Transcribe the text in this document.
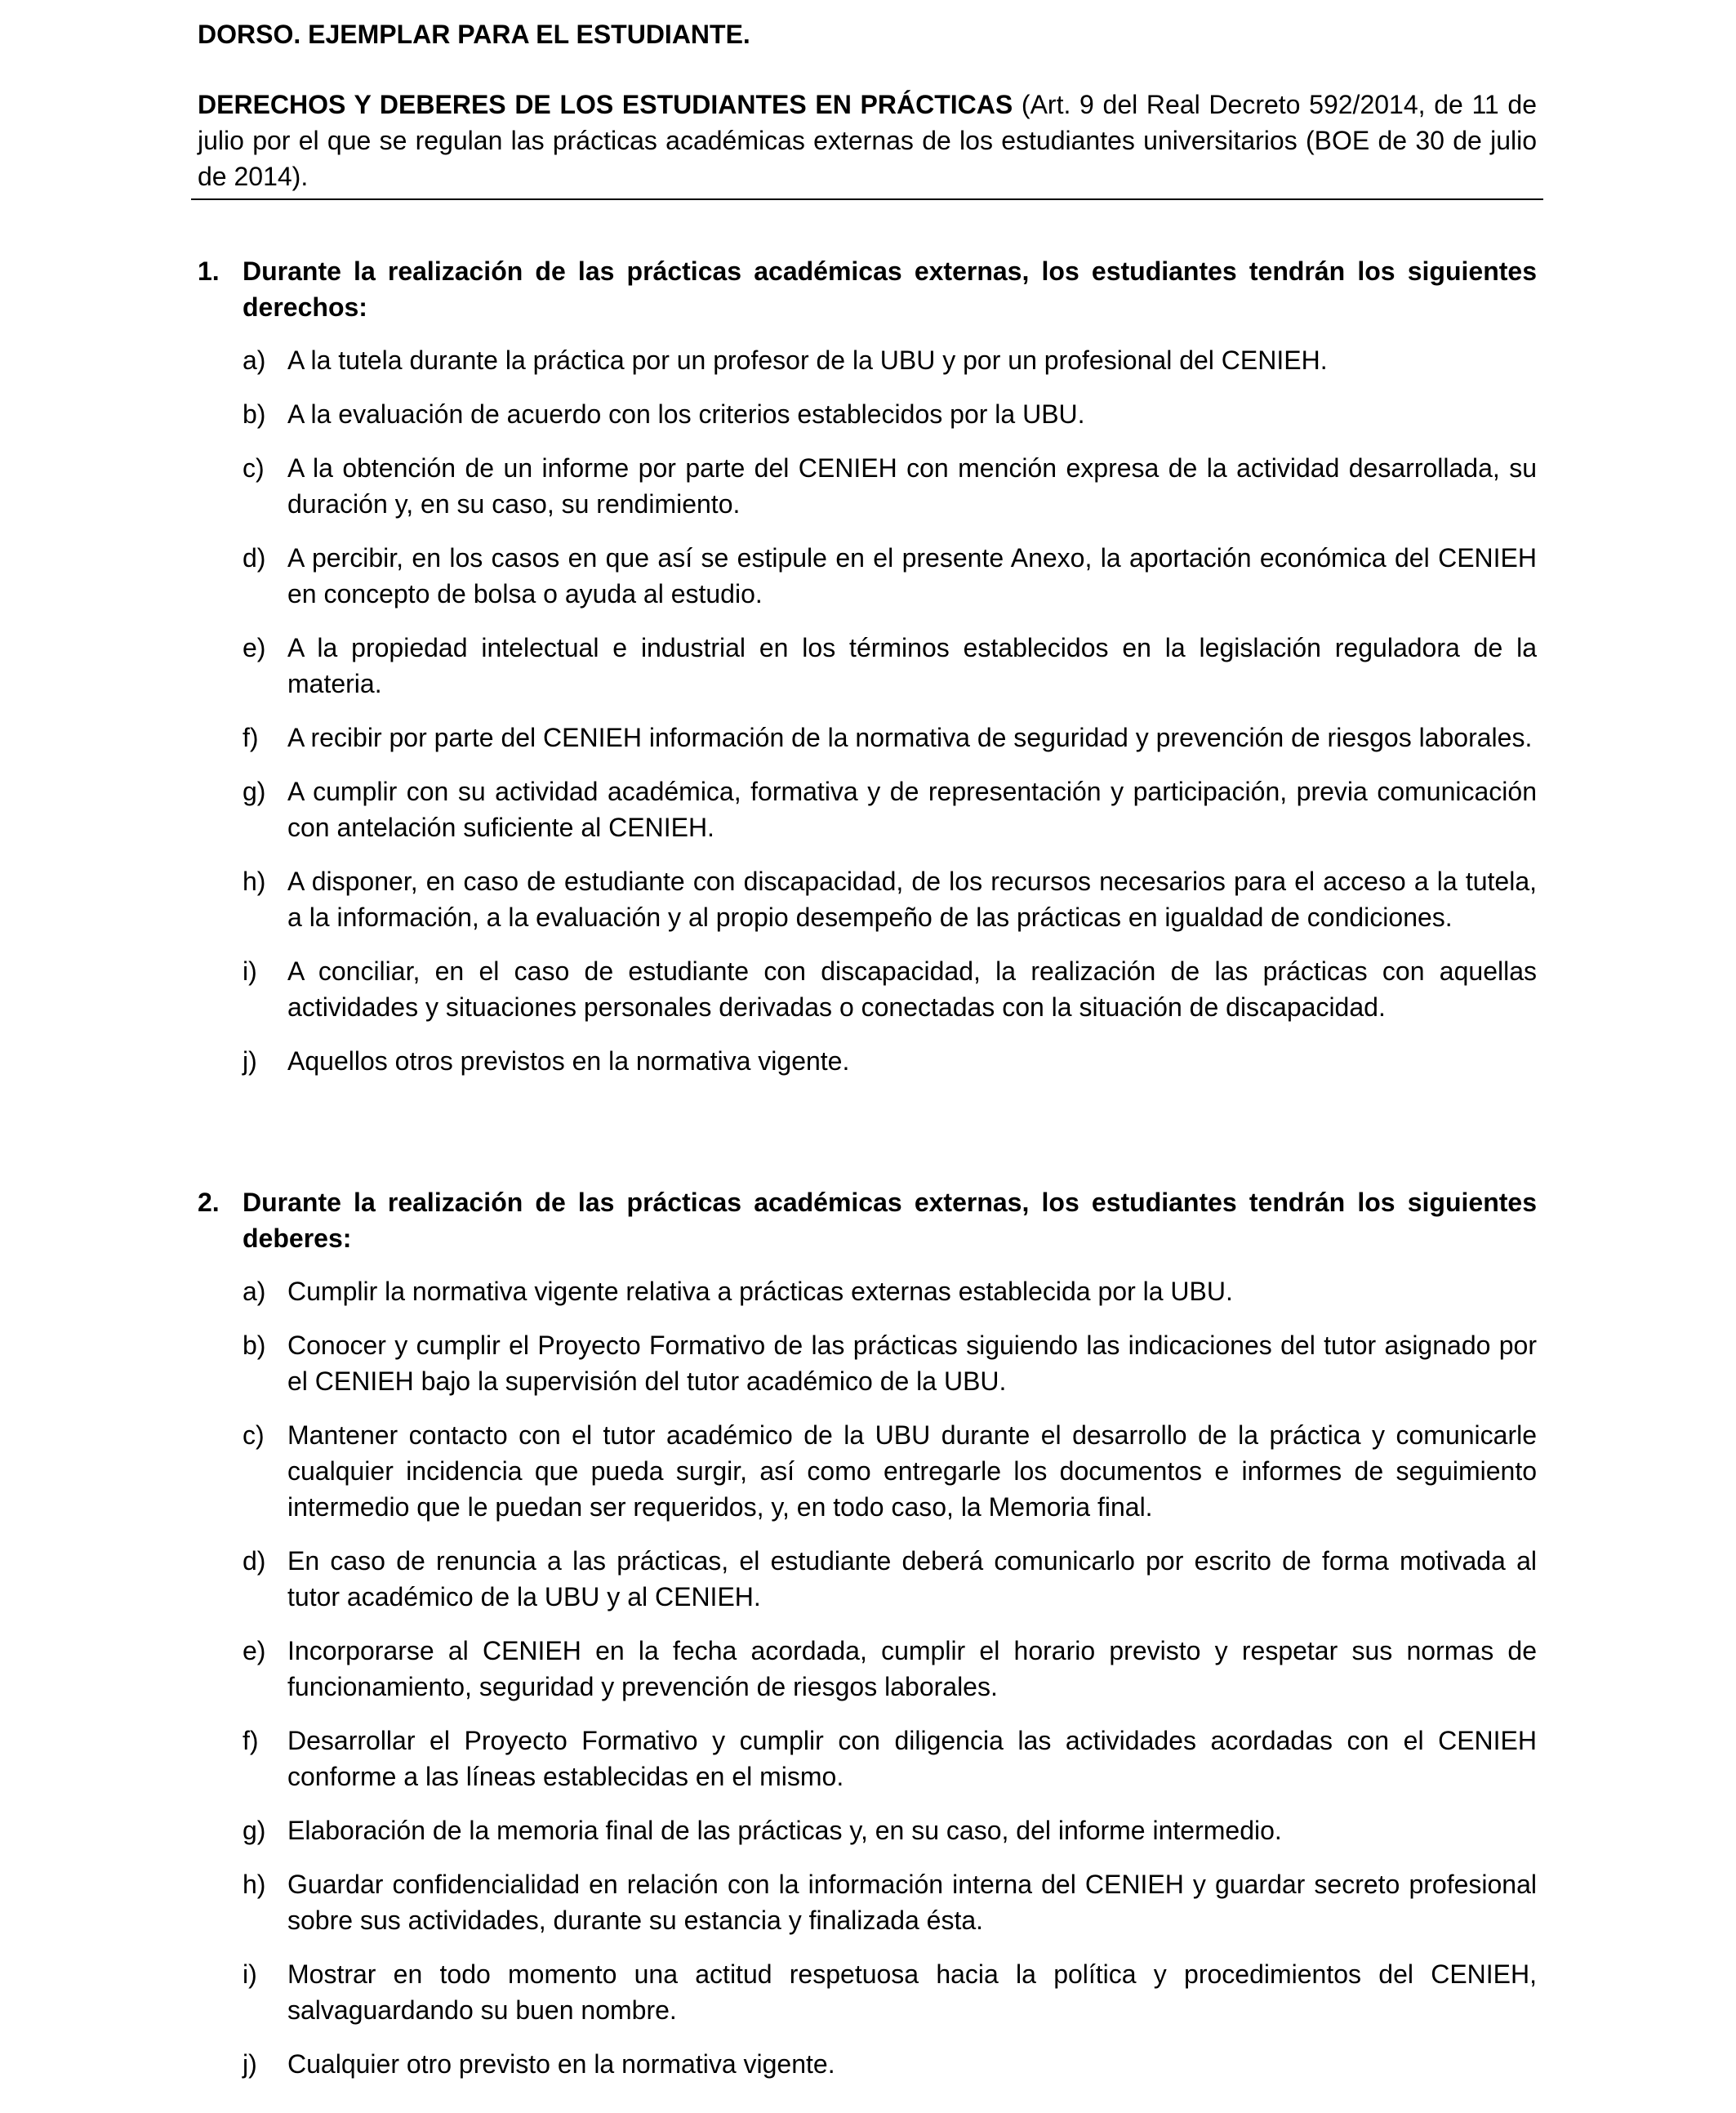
DORSO. EJEMPLAR PARA EL ESTUDIANTE.

DERECHOS Y DEBERES DE LOS ESTUDIANTES EN PRÁCTICAS (Art. 9 del Real Decreto 592/2014, de 11 de julio por el que se regulan las prácticas académicas externas de los estudiantes universitarios (BOE de 30 de julio de 2014).

1. Durante la realización de las prácticas académicas externas, los estudiantes tendrán los siguientes derechos:

a) A la tutela durante la práctica por un profesor de la UBU y por un profesional del CENIEH.
b) A la evaluación de acuerdo con los criterios establecidos por la UBU.
c) A la obtención de un informe por parte del CENIEH con mención expresa de la actividad desarrollada, su duración y, en su caso, su rendimiento.
d) A percibir, en los casos en que así se estipule en el presente Anexo, la aportación económica del CENIEH en concepto de bolsa o ayuda al estudio.
e) A la propiedad intelectual e industrial en los términos establecidos en la legislación reguladora de la materia.
f) A recibir por parte del CENIEH información de la normativa de seguridad y prevención de riesgos laborales.
g) A cumplir con su actividad académica, formativa y de representación y participación, previa comunicación con antelación suficiente al CENIEH.
h) A disponer, en caso de estudiante con discapacidad, de los recursos necesarios para el acceso a la tutela, a la información, a la evaluación y al propio desempeño de las prácticas en igualdad de condiciones.
i) A conciliar, en el caso de estudiante con discapacidad, la realización de las prácticas con aquellas actividades y situaciones personales derivadas o conectadas con la situación de discapacidad.
j) Aquellos otros previstos en la normativa vigente.

2. Durante la realización de las prácticas académicas externas, los estudiantes tendrán los siguientes deberes:

a) Cumplir la normativa vigente relativa a prácticas externas establecida por la UBU.
b) Conocer y cumplir el Proyecto Formativo de las prácticas siguiendo las indicaciones del tutor asignado por el CENIEH bajo la supervisión del tutor académico de la UBU.
c) Mantener contacto con el tutor académico de la UBU durante el desarrollo de la práctica y comunicarle cualquier incidencia que pueda surgir, así como entregarle los documentos e informes de seguimiento intermedio que le puedan ser requeridos, y, en todo caso, la Memoria final.
d) En caso de renuncia a las prácticas, el estudiante deberá comunicarlo por escrito de forma motivada al tutor académico de la UBU y al CENIEH.
e) Incorporarse al CENIEH en la fecha acordada, cumplir el horario previsto y respetar sus normas de funcionamiento, seguridad y prevención de riesgos laborales.
f) Desarrollar el Proyecto Formativo y cumplir con diligencia las actividades acordadas con el CENIEH conforme a las líneas establecidas en el mismo.
g) Elaboración de la memoria final de las prácticas y, en su caso, del informe intermedio.
h) Guardar confidencialidad en relación con la información interna del CENIEH y guardar secreto profesional sobre sus actividades, durante su estancia y finalizada ésta.
i) Mostrar en todo momento una actitud respetuosa hacia la política y procedimientos del CENIEH, salvaguardando su buen nombre.
j) Cualquier otro previsto en la normativa vigente.
